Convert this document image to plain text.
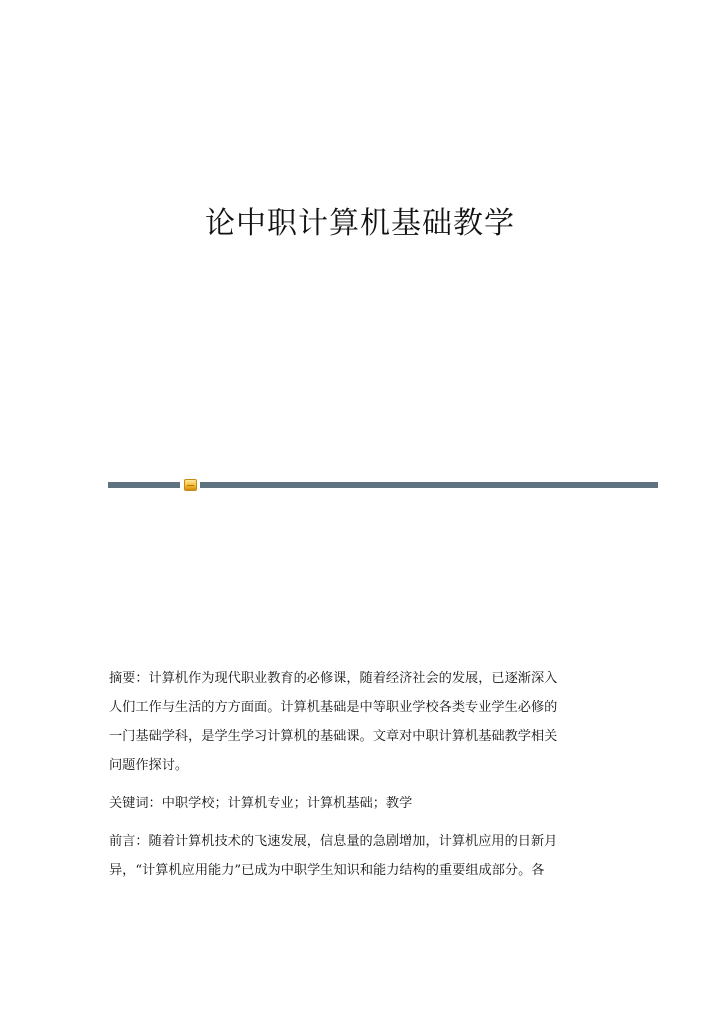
论中职计算机基础教学
摘要：计算机作为现代职业教育的必修课，随着经济社会的发展，已逐渐深入
人们工作与生活的方方面面。计算机基础是中等职业学校各类专业学生必修的
一门基础学科，是学生学习计算机的基础课。文章对中职计算机基础教学相关
问题作探讨。
关键词：中职学校；计算机专业；计算机基础；教学
前言：随着计算机技术的飞速发展，信息量的急剧增加，计算机应用的日新月
异，“计算机应用能力”已成为中职学生知识和能力结构的重要组成部分。各
